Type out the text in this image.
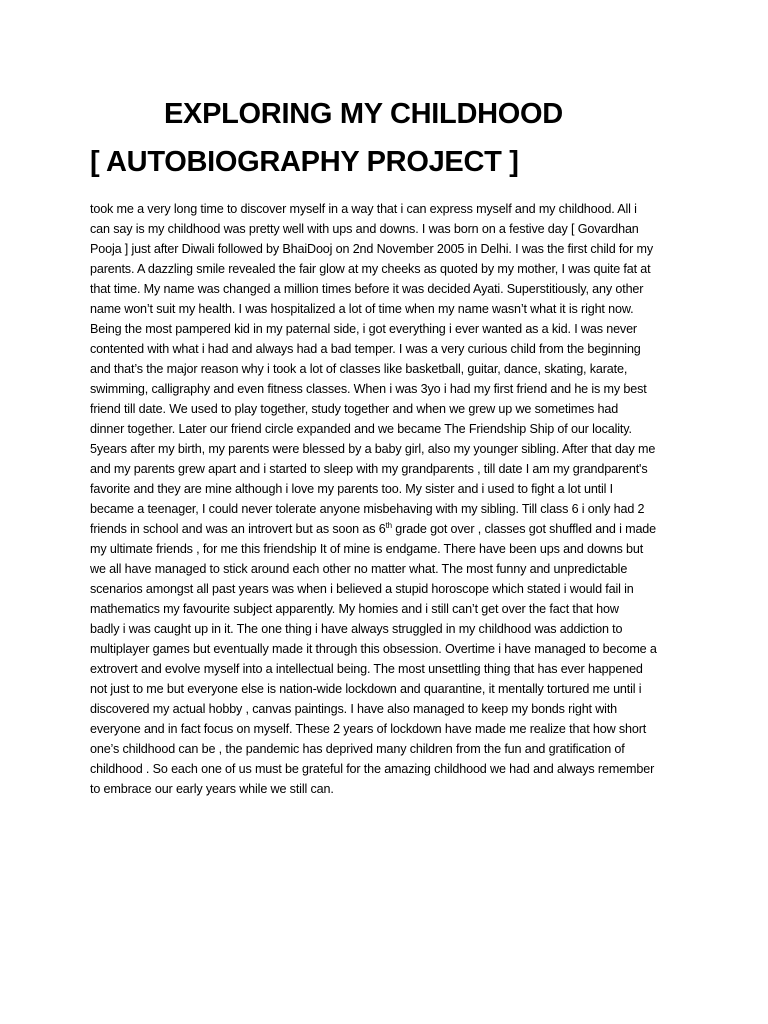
EXPLORING MY CHILDHOOD
[ AUTOBIOGRAPHY PROJECT ]
took me a very long time to discover myself in a way that i can express myself and my childhood. All i
can say is my childhood was pretty well with ups and downs. I was born on a festive day [ Govardhan
Pooja ] just after Diwali followed by BhaiDooj on 2nd November 2005 in Delhi. I was the first child for my
parents. A dazzling smile revealed the fair glow at my cheeks as quoted by my mother, I was quite fat at
that time. My name was changed a million times before it was decided Ayati. Superstitiously, any other
name won’t suit my health. I was hospitalized a lot of time when my name wasn’t what it is right now.
Being the most pampered kid in my paternal side, i got everything i ever wanted as a kid. I was never
contented with what i had and always had a bad temper. I was a very curious child from the beginning
and that’s the major reason why i took a lot of classes like basketball, guitar, dance, skating, karate,
swimming, calligraphy and even fitness classes. When i was 3yo i had my first friend and he is my best
friend till date. We used to play together, study together and when we grew up we sometimes had
dinner together. Later our friend circle expanded and we became The Friendship Ship of our locality.
5years after my birth, my parents were blessed by a baby girl, also my younger sibling. After that day me
and my parents grew apart and i started to sleep with my grandparents , till date I am my grandparent's
favorite and they are mine although i love my parents too. My sister and i used to fight a lot until I
became a teenager, I could never tolerate anyone misbehaving with my sibling. Till class 6 i only had 2
friends in school and was an introvert but as soon as 6th grade got over , classes got shuffled and i made
my ultimate friends , for me this friendship It of mine is endgame. There have been ups and downs but
we all have managed to stick around each other no matter what. The most funny and unpredictable
scenarios amongst all past years was when i believed a stupid horoscope which stated i would fail in
mathematics my favourite subject apparently. My homies and i still can’t get over the fact that how
badly i was caught up in it. The one thing i have always struggled in my childhood was addiction to
multiplayer games but eventually made it through this obsession. Overtime i have managed to become a
extrovert and evolve myself into a intellectual being. The most unsettling thing that has ever happened
not just to me but everyone else is nation-wide lockdown and quarantine, it mentally tortured me until i
discovered my actual hobby , canvas paintings. I have also managed to keep my bonds right with
everyone and in fact focus on myself. These 2 years of lockdown have made me realize that how short
one’s childhood can be , the pandemic has deprived many children from the fun and gratification of
childhood . So each one of us must be grateful for the amazing childhood we had and always remember
to embrace our early years while we still can.
